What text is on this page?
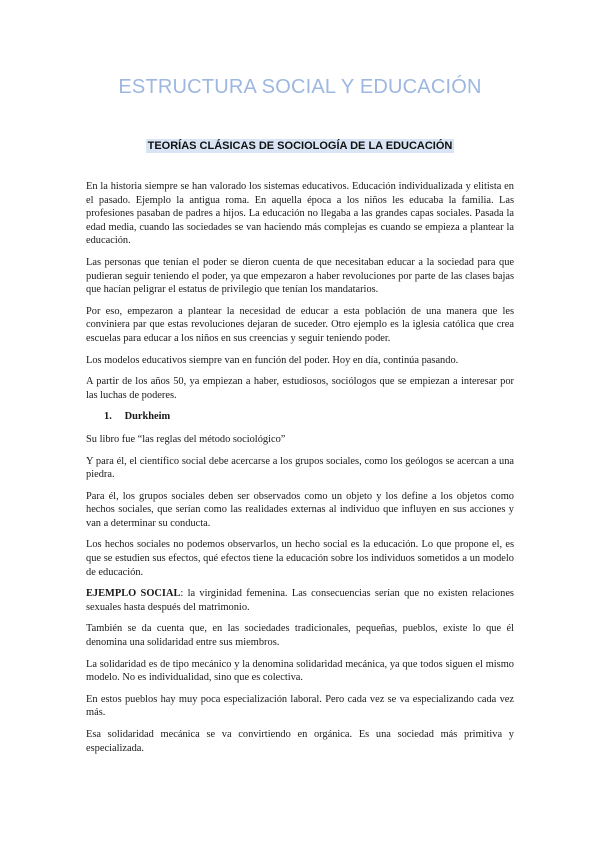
ESTRUCTURA SOCIAL Y EDUCACIÓN
TEORÍAS CLÁSICAS DE SOCIOLOGÍA DE LA EDUCACIÓN

En la historia siempre se han valorado los sistemas educativos. Educación individualizada y elitista en el pasado. Ejemplo la antigua roma. En aquella época a los niños les educaba la familia. Las profesiones pasaban de padres a hijos. La educación no llegaba a las grandes capas sociales. Pasada la edad media, cuando las sociedades se van haciendo más complejas es cuando se empieza a plantear la educación.

Las personas que tenían el poder se dieron cuenta de que necesitaban educar a la sociedad para que pudieran seguir teniendo el poder, ya que empezaron a haber revoluciones por parte de las clases bajas que hacían peligrar el estatus de privilegio que tenían los mandatarios.

Por eso, empezaron a plantear la necesidad de educar a esta población de una manera que les conviniera par que estas revoluciones dejaran de suceder. Otro ejemplo es la iglesia católica que crea escuelas para educar a los niños en sus creencias y seguir teniendo poder.

Los modelos educativos siempre van en función del poder. Hoy en día, continúa pasando.

A partir de los años 50, ya empiezan a haber, estudiosos, sociólogos que se empiezan a interesar por las luchas de poderes.

1. Durkheim

Su libro fue “las reglas del método sociológico”

Y para él, el científico social debe acercarse a los grupos sociales, como los geólogos se acercan a una piedra.

Para él, los grupos sociales deben ser observados como un objeto y los define a los objetos como hechos sociales, que serían como las realidades externas al individuo que influyen en sus acciones y van a determinar su conducta.

Los hechos sociales no podemos observarlos, un hecho social es la educación. Lo que propone el, es que se estudien sus efectos, qué efectos tiene la educación sobre los individuos sometidos a un modelo de educación.

EJEMPLO SOCIAL: la virginidad femenina. Las consecuencias serían que no existen relaciones sexuales hasta después del matrimonio.

También se da cuenta que, en las sociedades tradicionales, pequeñas, pueblos, existe lo que él denomina una solidaridad entre sus miembros.

La solidaridad es de tipo mecánico y la denomina solidaridad mecánica, ya que todos siguen el mismo modelo. No es individualidad, sino que es colectiva.

En estos pueblos hay muy poca especialización laboral. Pero cada vez se va especializando cada vez más.

Esa solidaridad mecánica se va convirtiendo en orgánica. Es una sociedad más primitiva y especializada.
